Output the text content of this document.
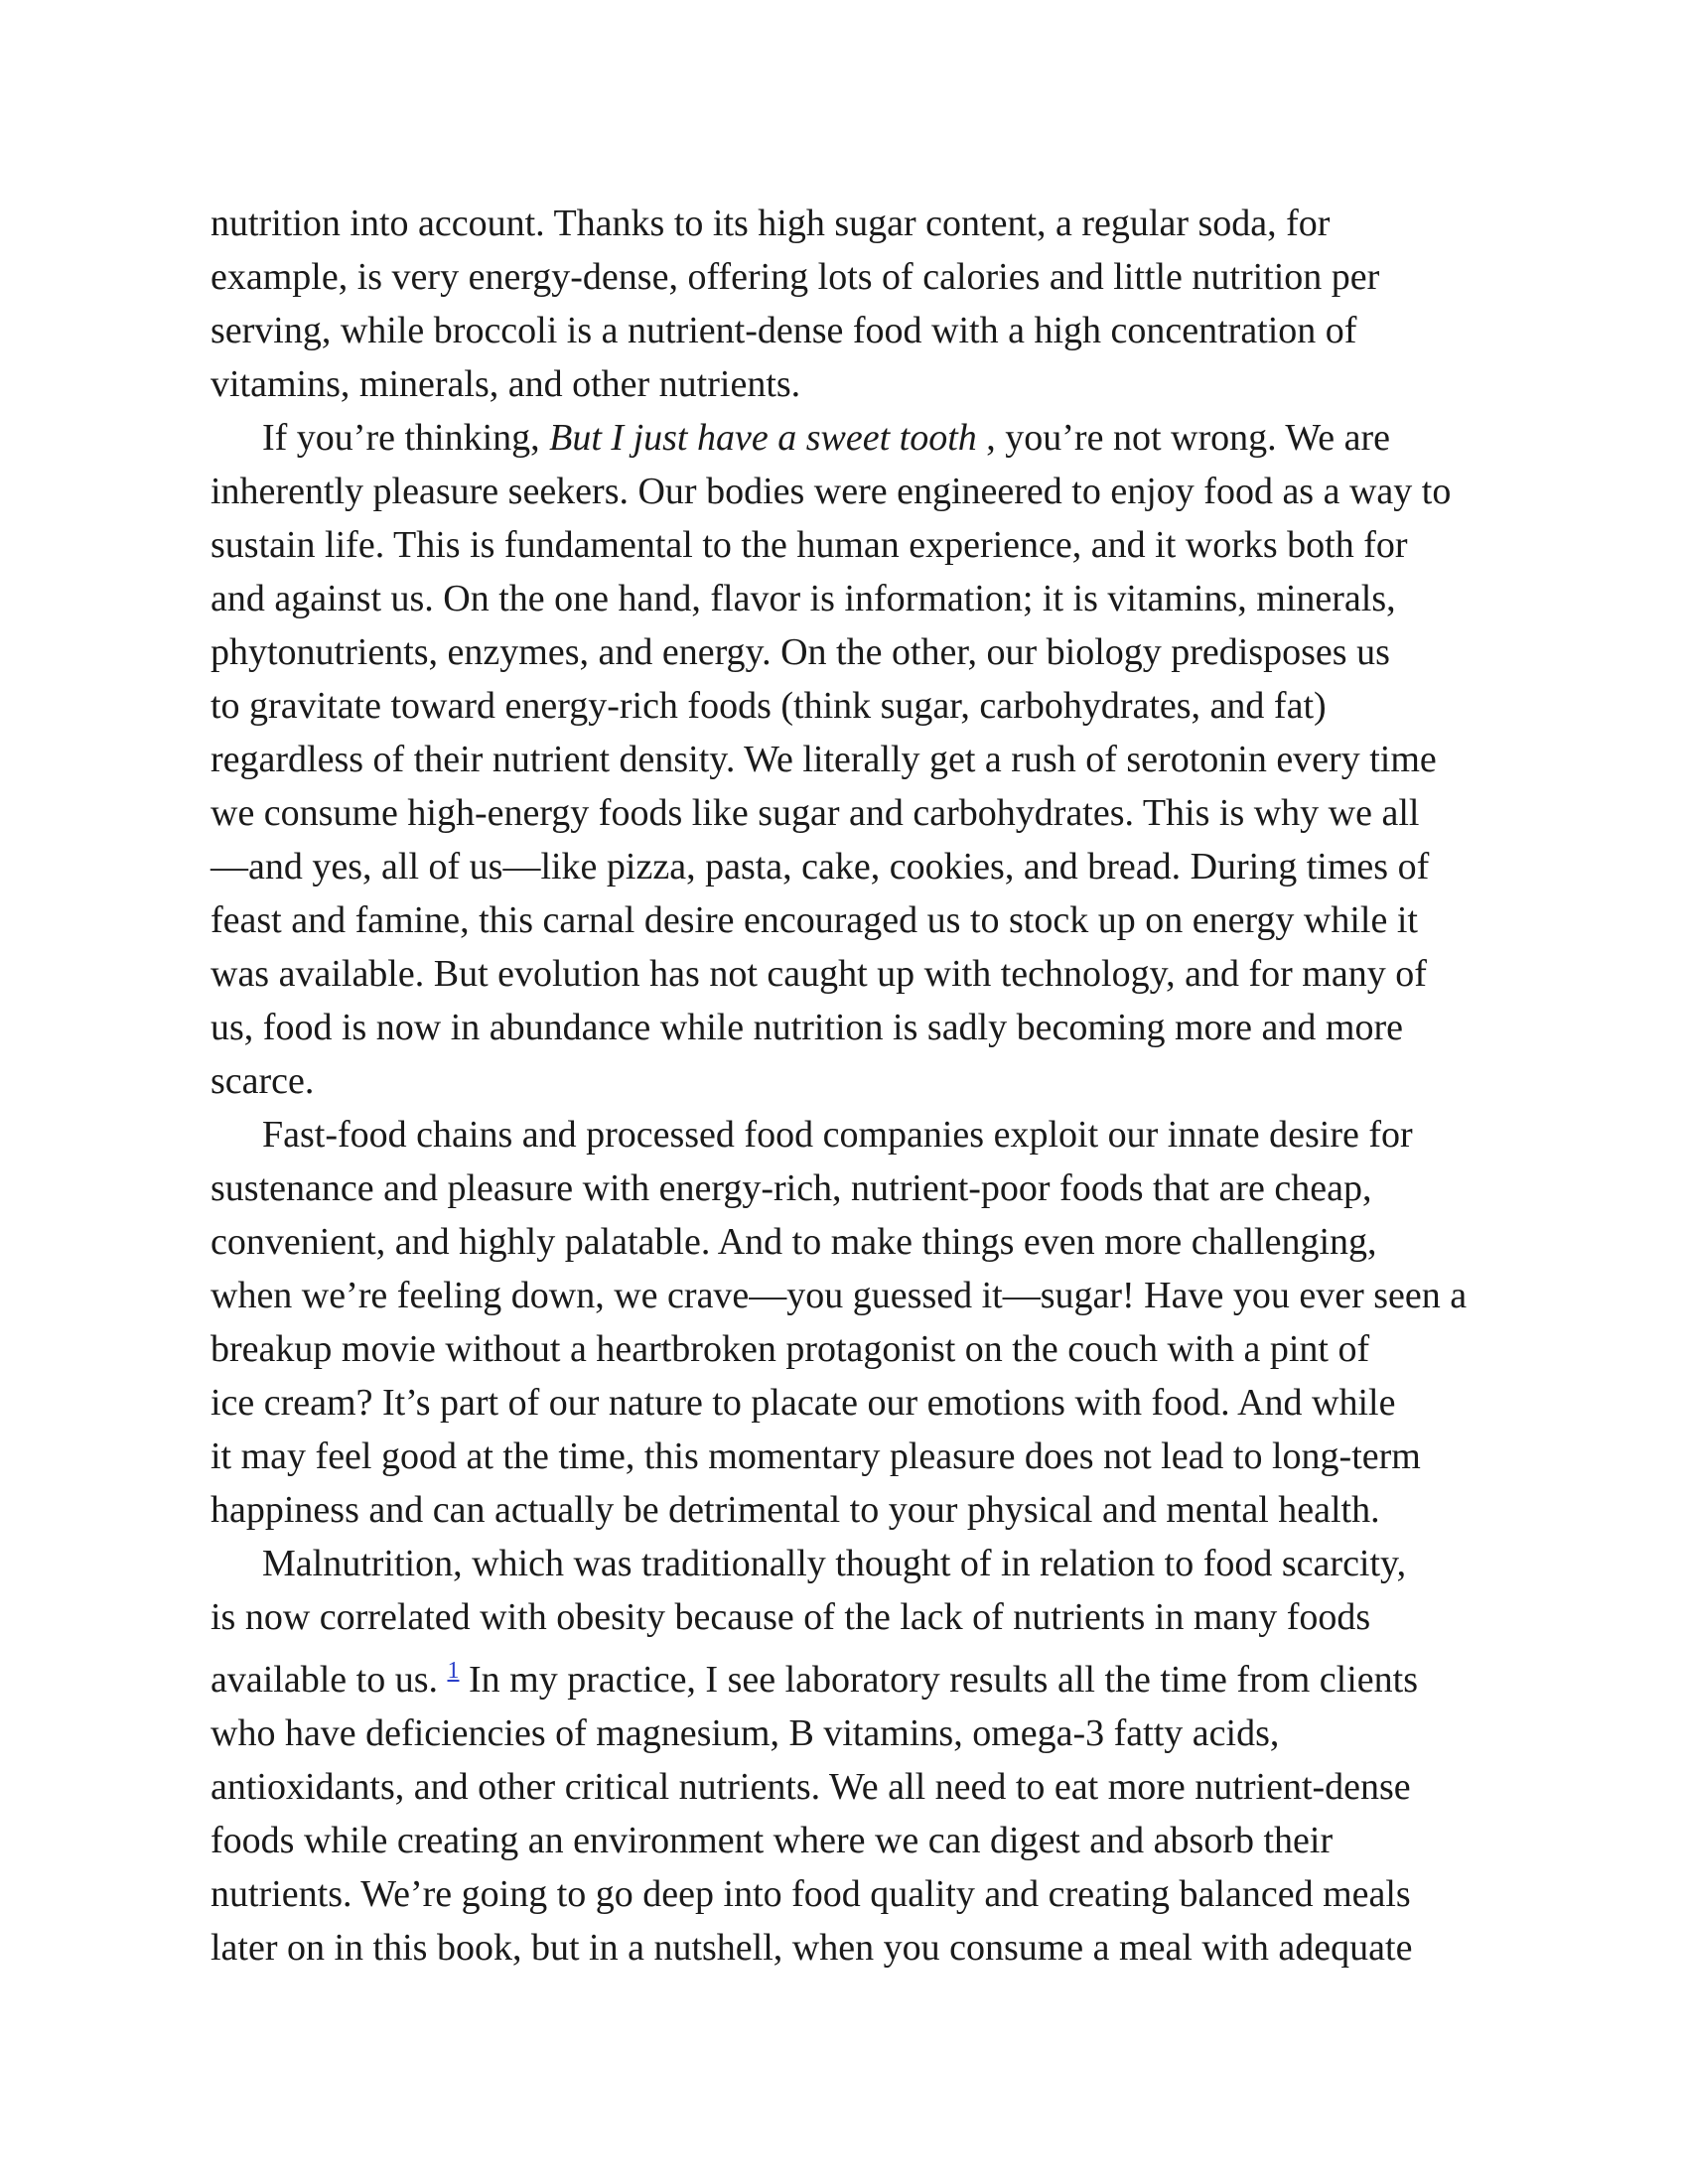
nutrition into account. Thanks to its high sugar content, a regular soda, for
example, is very energy-dense, offering lots of calories and little nutrition per
serving, while broccoli is a nutrient-dense food with a high concentration of
vitamins, minerals, and other nutrients.
If you’re thinking, But I just have a sweet tooth , you’re not wrong. We are
inherently pleasure seekers. Our bodies were engineered to enjoy food as a way to
sustain life. This is fundamental to the human experience, and it works both for
and against us. On the one hand, flavor is information; it is vitamins, minerals,
phytonutrients, enzymes, and energy. On the other, our biology predisposes us
to gravitate toward energy-rich foods (think sugar, carbohydrates, and fat)
regardless of their nutrient density. We literally get a rush of serotonin every time
we consume high-energy foods like sugar and carbohydrates. This is why we all
—and yes, all of us—like pizza, pasta, cake, cookies, and bread. During times of
feast and famine, this carnal desire encouraged us to stock up on energy while it
was available. But evolution has not caught up with technology, and for many of
us, food is now in abundance while nutrition is sadly becoming more and more
scarce.
Fast-food chains and processed food companies exploit our innate desire for
sustenance and pleasure with energy-rich, nutrient-poor foods that are cheap,
convenient, and highly palatable. And to make things even more challenging,
when we’re feeling down, we crave—you guessed it—sugar! Have you ever seen a
breakup movie without a heartbroken protagonist on the couch with a pint of
ice cream? It’s part of our nature to placate our emotions with food. And while
it may feel good at the time, this momentary pleasure does not lead to long-term
happiness and can actually be detrimental to your physical and mental health.
Malnutrition, which was traditionally thought of in relation to food scarcity,
is now correlated with obesity because of the lack of nutrients in many foods
available to us. $^1$ In my practice, I see laboratory results all the time from clients
who have deficiencies of magnesium, B vitamins, omega-3 fatty acids,
antioxidants, and other critical nutrients. We all need to eat more nutrient-dense
foods while creating an environment where we can digest and absorb their
nutrients. We’re going to go deep into food quality and creating balanced meals
later on in this book, but in a nutshell, when you consume a meal with adequate
